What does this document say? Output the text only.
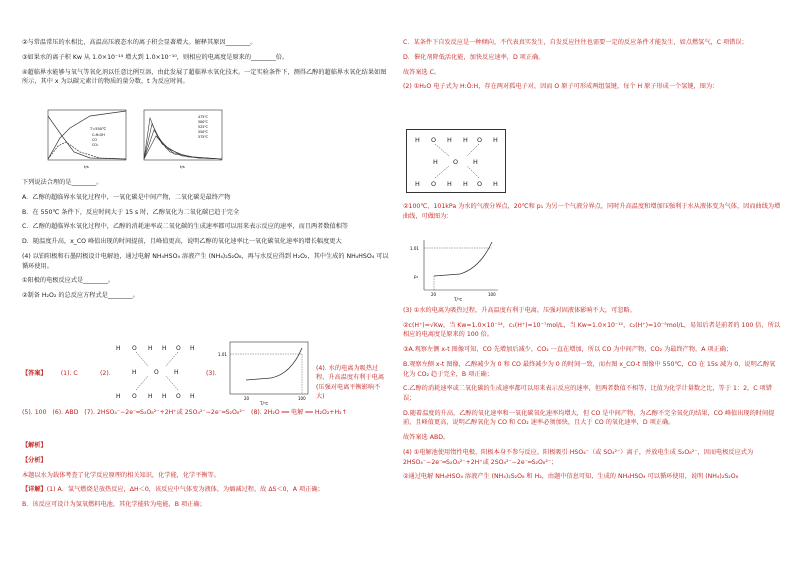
②与常温常压的水相比，高温高压液态水的离子积会显著增大。解释其原因________。

③如果水的离子积 Kw 从 1.0×10⁻¹⁴ 增大到 1.0×10⁻¹⁰，则相应的电离度是原来的________倍。

④超临界水能够与氧气等氧化剂以任意比例互溶，由此发展了超临界水氧化技术。一定实验条件下，测得乙醇的超临界水氧化结果如图所示，其中 x 为以碳元素计的物质的量分数，t 为反应时间。

T=550℃
C₂H₅OH
CO
CO₂
t/s
475℃
500℃
525℃
550℃
575℃
t/s

下列说法合理的是________。

A．乙醇的超临界水氧化过程中，一氧化碳是中间产物，二氧化碳是最终产物

B．在 550℃ 条件下，反应时间大于 15 s 时，乙醇氧化为二氧化碳已趋于完全

C．乙醇的超临界水氧化过程中，乙醇的消耗速率或二氧化碳的生成速率都可以用来表示反应的速率，而且两者数值相等

D．随温度升高，x_CO 峰值出现的时间提前，且峰值更高，说明乙醇的氧化速率比一氧化碳氧化速率的增长幅度更大

(4) 以铂阳极和石墨阴极设计电解池，通过电解 NH₄HSO₄ 溶液产生 (NH₄)₂S₂O₈，再与水反应得到 H₂O₂，其中生成的 NH₄HSO₄ 可以循环使用。

①阳极的电极反应式是________。

②制备 H₂O₂ 的总反应方程式是________。

【答案】 (1). C	(2).
H O H H O H
H	O	H
H O H H O H
(3).
1.01
20	100
T/℃
(4). 水的电离为吸热过程，升高温度有利于电离(压强对电离平衡影响不大)

(5). 100 (6). ABD (7). 2HSO₄⁻−2e⁻═S₂O₈²⁻+2H⁺或 2SO₄²⁻−2e⁻═S₂O₈²⁻ (8). 2H₂O ══ 电解 ══ H₂O₂+H₂↑

【解析】

【分析】

本题以水为载体考查了化学反应原理的相关知识，化学能，化学平衡等。

【详解】(1) A．氢气燃烧是放热反应，ΔH＜0，该反应中气体变为液体，为熵减过程，故 ΔS＜0，A 项正确；

B．该反应可设计为氢氧燃料电池，其化学能转为电能，B 项正确；

C．某条件下自发反应是一种倾向，不代表真实发生，自发反应往往也需要一定的反应条件才能发生，如点燃氢气，C 项错误；

D．催化剂降低活化能，加快反应速率，D 项正确。

故答案选 C。

(2) ①H₂O 电子式为 H:Ö:H，存在两对孤电子对，因而 O 原子可形成两组氢键，每个 H 原子形成一个氢键，图为：

H O H H O H
H O H
H O H H O H

②100℃，101kPa 为水的气液分界点，20℃和 p₁ 为另一个气液分界点，同时升高温度和增加压强利于水从液体变为气体，因而曲线为增曲线，可做图为：

1.01
p₁
20	100
T/℃

(3) ①水的电离为吸热过程，升高温度有利于电离，压强对固液体影响不大，可忽略。

②c(H⁺)=√Kw，当 Kw=1.0×10⁻¹⁴，c₁(H⁺)=10⁻⁷mol/L，当 Kw=1.0×10⁻¹⁰，c₂(H⁺)=10⁻⁵mol/L，易知后者是前者的 100 倍，所以相应的电离度是原来的 100 倍。

③A.观察左侧 x-t 图像可知，CO 先增加后减少，CO₂ 一直在增加，所以 CO 为中间产物，CO₂ 为最终产物，A 项正确；

B.观察左侧 x-t 图像，乙醇减少为 0 和 CO 最终减少为 0 的时间一致，而右图 x_CO-t 图像中 550℃，CO 在 15s 减为 0，说明乙醇氧化为 CO₂ 趋于完全，B 项正确；

C.乙醇的消耗速率或二氧化碳的生成速率都可以用来表示反应的速率，但两者数值不相等，比值为化学计量数之比，等于 1：2，C 项错误；

D.随着温度的升高，乙醇的氧化速率和一氧化碳氧化速率均增大，但 CO 是中间产物，为乙醇不完全氧化的结果，CO 峰值出现的时间提前，且峰值更高，说明乙醇氧化为 CO 和 CO₂ 速率必须加快，且大于 CO 的氧化速率，D 项正确。

故答案选 ABD。

(4) ①电解池使用惰性电极，阳极本身不参与反应，阳极吸引 HSO₄⁻（或 SO₄²⁻）离子，并放电生成 S₂O₈²⁻，因而电极反应式为 2HSO₄⁻−2e⁻═S₂O₈²⁻+2H⁺或 2SO₄²⁻−2e⁻═S₂O₈²⁻；

②通过电解 NH₄HSO₄ 溶液产生 (NH₄)₂S₂O₈ 和 H₂，由题中信息可知，生成的 NH₄HSO₄ 可以循环使用，说明 (NH₄)₂S₂O₈
